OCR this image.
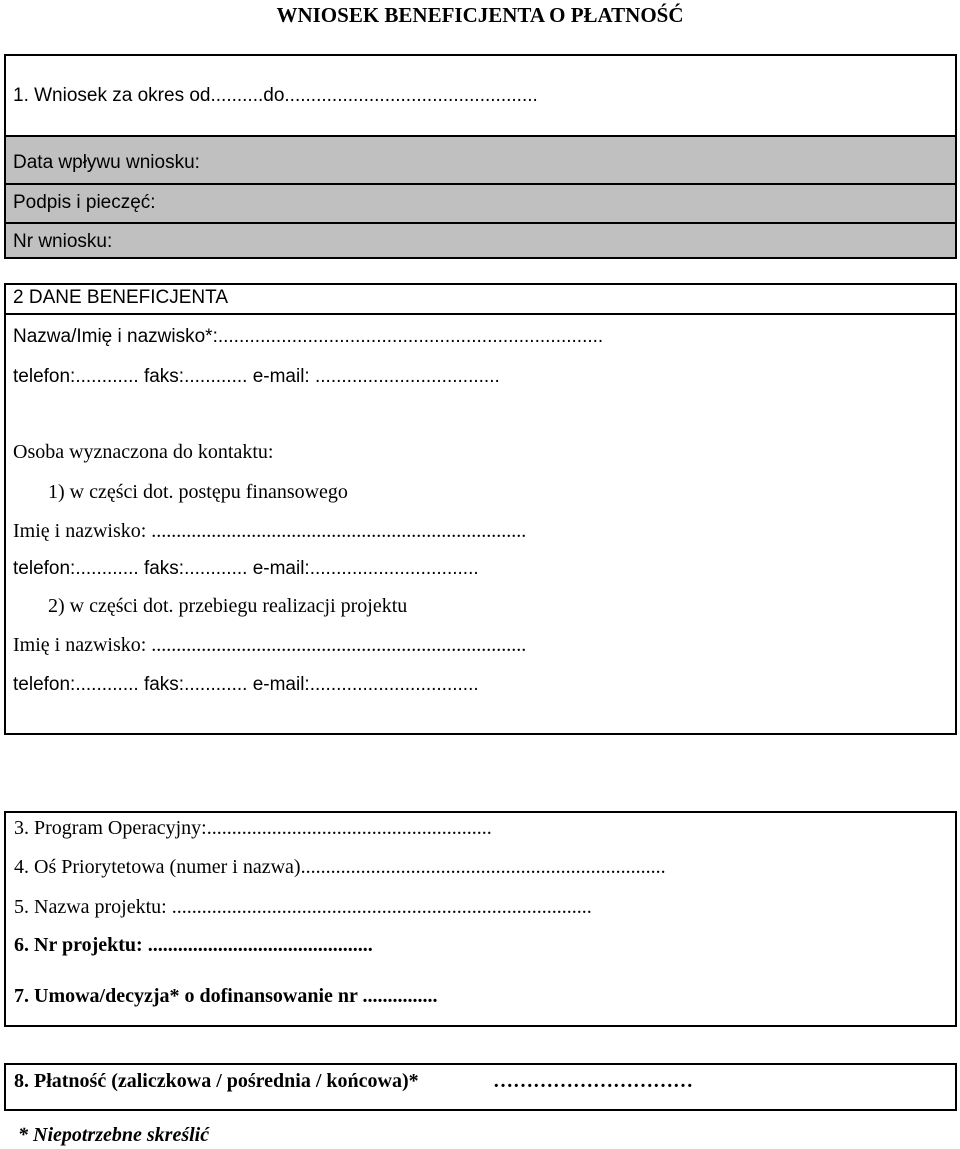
WNIOSEK BENEFICJENTA O PŁATNOŚĆ
1. Wniosek za okres od..........do................................................
Data wpływu wniosku:
Podpis i pieczęć:
Nr wniosku:
2 DANE BENEFICJENTA
Nazwa/Imię i nazwisko*:.........................................................................
telefon:............ faks:............ e-mail: ...................................
Osoba wyznaczona do kontaktu:
1) w części dot. postępu finansowego
Imię i nazwisko: ...........................................................................
telefon:............ faks:............ e-mail:................................
2) w części dot. przebiegu realizacji projektu
Imię i nazwisko: ...........................................................................
telefon:............ faks:............ e-mail:................................
3. Program Operacyjny:.........................................................
4. Oś Priorytetowa (numer i nazwa).........................................................................
5. Nazwa projektu: ....................................................................................
6. Nr projektu: .............................................
7. Umowa/decyzja* o dofinansowanie nr ...............
8. Płatność (zaliczkowa / pośrednia / końcowa)*	…………………………
* Niepotrzebne skreślić
